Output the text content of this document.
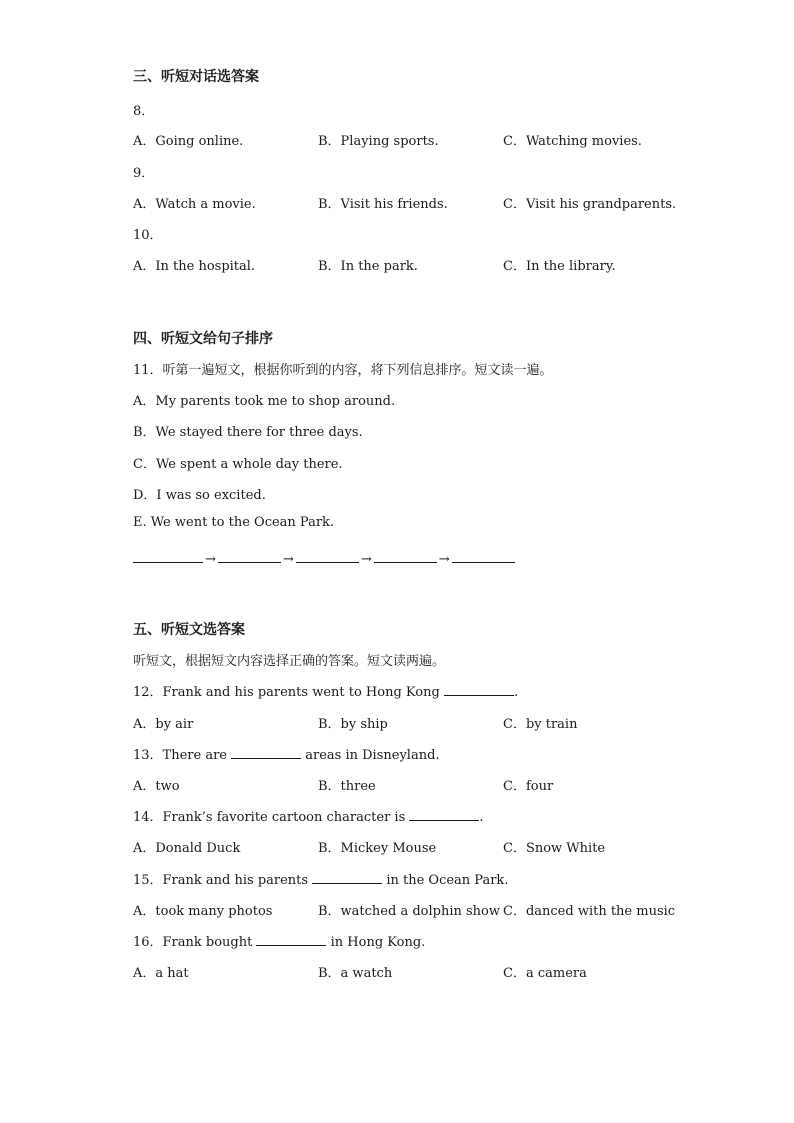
三、听短对话选答案
8．
A．Going online.	B．Playing sports.	C．Watching movies.
9．
A．Watch a movie.	B．Visit his friends.	C．Visit his grandparents.
10．
A．In the hospital.	B．In the park.	C．In the library.
四、听短文给句子排序
11．听第一遍短文，根据你听到的内容，将下列信息排序。短文读一遍。
A．My parents took me to shop around.
B．We stayed there for three days.
C．We spent a whole day there.
D．I was so excited.
E. We went to the Ocean Park.
→	→	→	→
五、听短文选答案
听短文，根据短文内容选择正确的答案。短文读两遍。
12．Frank and his parents went to Hong Kong	.
A．by air	B．by ship	C．by train
13．There are	areas in Disneyland.
A．two	B．three	C．four
14．Frank’s favorite cartoon character is	.
A．Donald Duck	B．Mickey Mouse	C．Snow White
15．Frank and his parents	in the Ocean Park.
A．took many photos	B．watched a dolphin show C．danced with the music
16．Frank bought	in Hong Kong.
A．a hat	B．a watch	C．a camera
